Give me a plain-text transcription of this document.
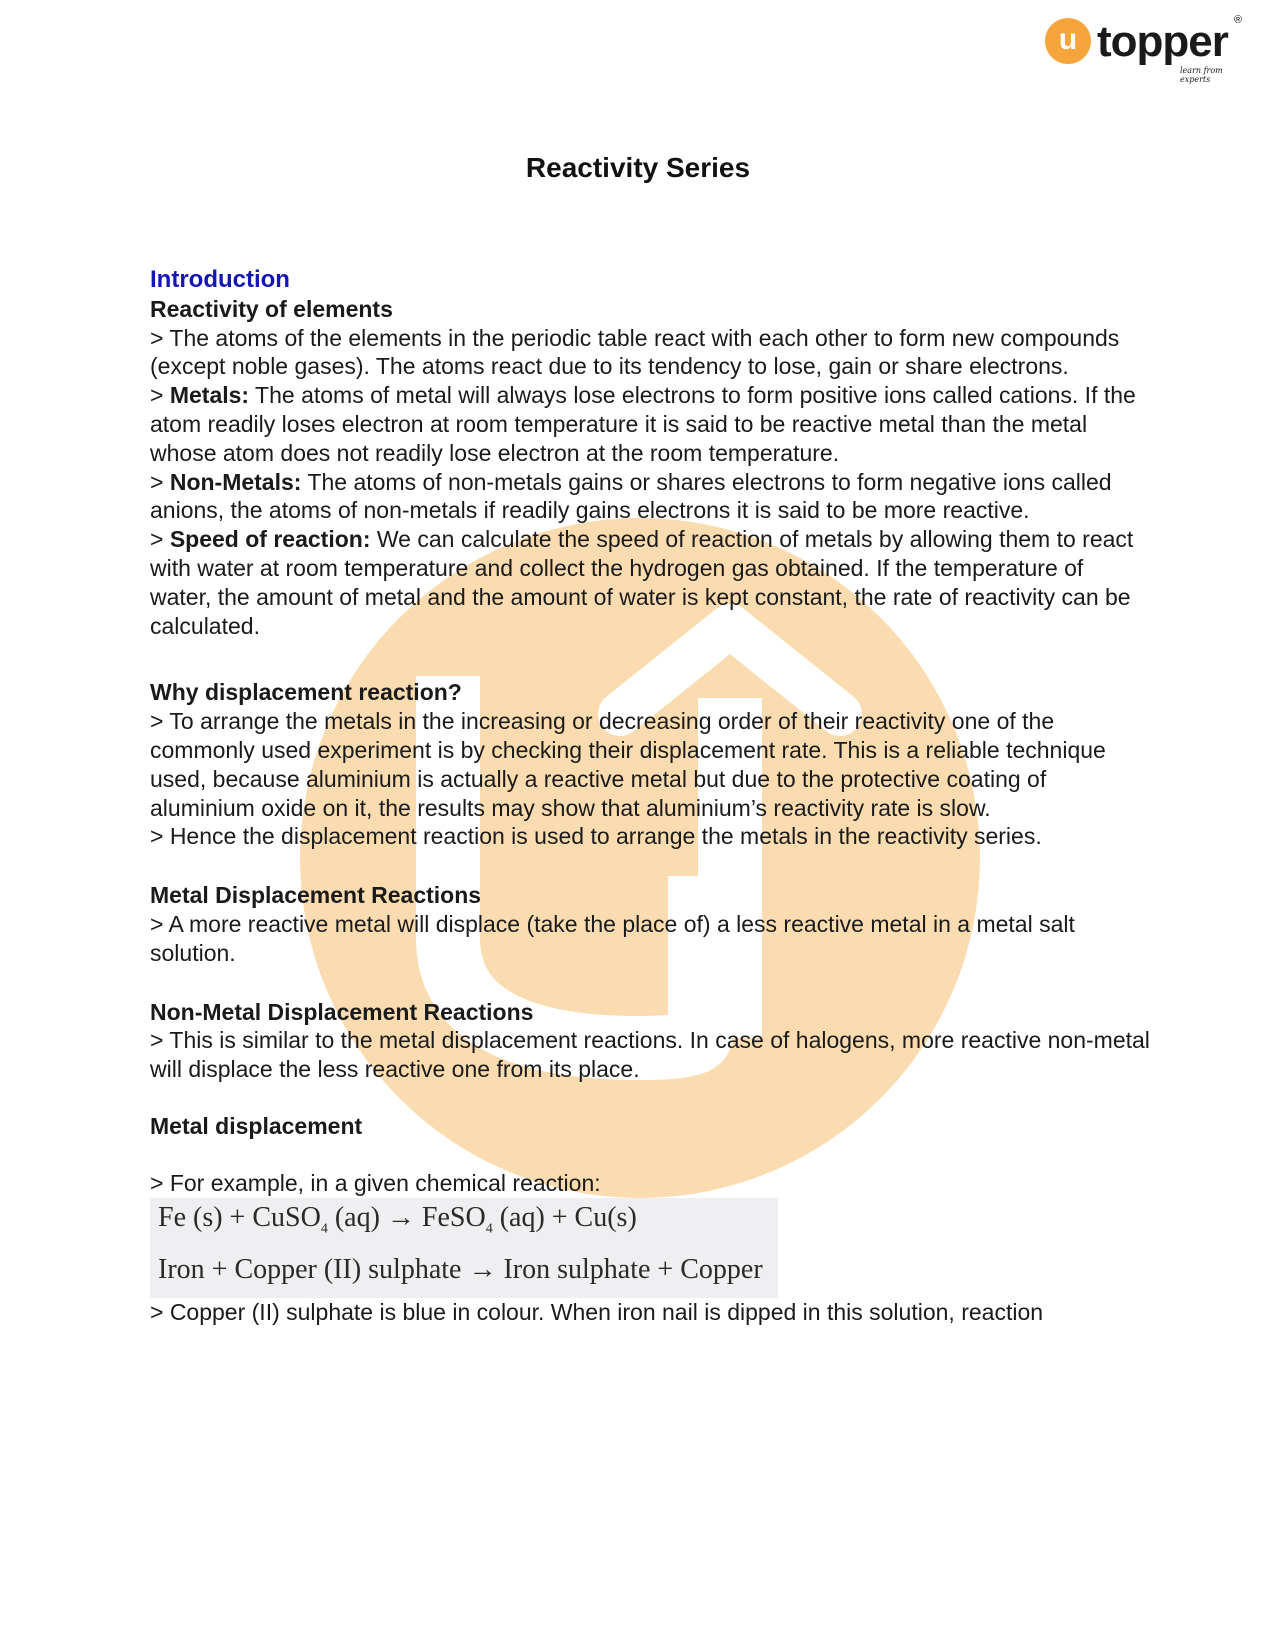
u topper ®
learn from experts
Reactivity Series

Introduction

Reactivity of elements

> The atoms of the elements in the periodic table react with each other to form new compounds (except noble gases). The atoms react due to its tendency to lose, gain or share electrons.

> Metals: The atoms of metal will always lose electrons to form positive ions called cations. If the atom readily loses electron at room temperature it is said to be reactive metal than the metal whose atom does not readily lose electron at the room temperature.

> Non-Metals: The atoms of non-metals gains or shares electrons to form negative ions called anions, the atoms of non-metals if readily gains electrons it is said to be more reactive.

> Speed of reaction: We can calculate the speed of reaction of metals by allowing them to react with water at room temperature and collect the hydrogen gas obtained. If the temperature of water, the amount of metal and the amount of water is kept constant, the rate of reactivity can be calculated.

Why displacement reaction?

> To arrange the metals in the increasing or decreasing order of their reactivity one of the commonly used experiment is by checking their displacement rate. This is a reliable technique used, because aluminium is actually a reactive metal but due to the protective coating of aluminium oxide on it, the results may show that aluminium’s reactivity rate is slow.

> Hence the displacement reaction is used to arrange the metals in the reactivity series.

Metal Displacement Reactions

> A more reactive metal will displace (take the place of) a less reactive metal in a metal salt solution.

Non-Metal Displacement Reactions

> This is similar to the metal displacement reactions. In case of halogens, more reactive non-metal will displace the less reactive one from its place.

Metal displacement

> For example, in a given chemical reaction:

Fe (s) + CuSO$_4$ (aq) → FeSO$_4$ (aq) + Cu(s)
Iron + Copper (II) sulphate → Iron sulphate + Copper

> Copper (II) sulphate is blue in colour. When iron nail is dipped in this solution, reaction
